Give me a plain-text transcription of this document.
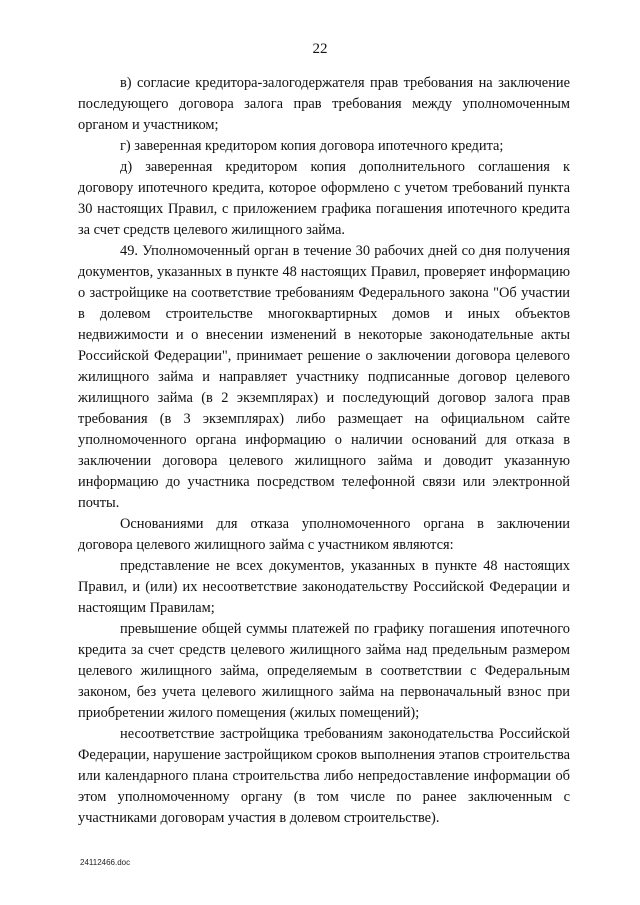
22

в) согласие кредитора-залогодержателя прав требования на заключение последующего договора залога прав требования между уполномоченным органом и участником;

г) заверенная кредитором копия договора ипотечного кредита;

д) заверенная кредитором копия дополнительного соглашения к договору ипотечного кредита, которое оформлено с учетом требований пункта 30 настоящих Правил, с приложением графика погашения ипотечного кредита за счет средств целевого жилищного займа.

49. Уполномоченный орган в течение 30 рабочих дней со дня получения документов, указанных в пункте 48 настоящих Правил, проверяет информацию о застройщике на соответствие требованиям Федерального закона "Об участии в долевом строительстве многоквартирных домов и иных объектов недвижимости и о внесении изменений в некоторые законодательные акты Российской Федерации", принимает решение о заключении договора целевого жилищного займа и направляет участнику подписанные договор целевого жилищного займа (в 2 экземплярах) и последующий договор залога прав требования (в 3 экземплярах) либо размещает на официальном сайте уполномоченного органа информацию о наличии оснований для отказа в заключении договора целевого жилищного займа и доводит указанную информацию до участника посредством телефонной связи или электронной почты.

Основаниями для отказа уполномоченного органа в заключении договора целевого жилищного займа с участником являются:

представление не всех документов, указанных в пункте 48 настоящих Правил, и (или) их несоответствие законодательству Российской Федерации и настоящим Правилам;

превышение общей суммы платежей по графику погашения ипотечного кредита за счет средств целевого жилищного займа над предельным размером целевого жилищного займа, определяемым в соответствии с Федеральным законом, без учета целевого жилищного займа на первоначальный взнос при приобретении жилого помещения (жилых помещений);

несоответствие застройщика требованиям законодательства Российской Федерации, нарушение застройщиком сроков выполнения этапов строительства или календарного плана строительства либо непредоставление информации об этом уполномоченному органу (в том числе по ранее заключенным с участниками договорам участия в долевом строительстве).

24112466.doc
